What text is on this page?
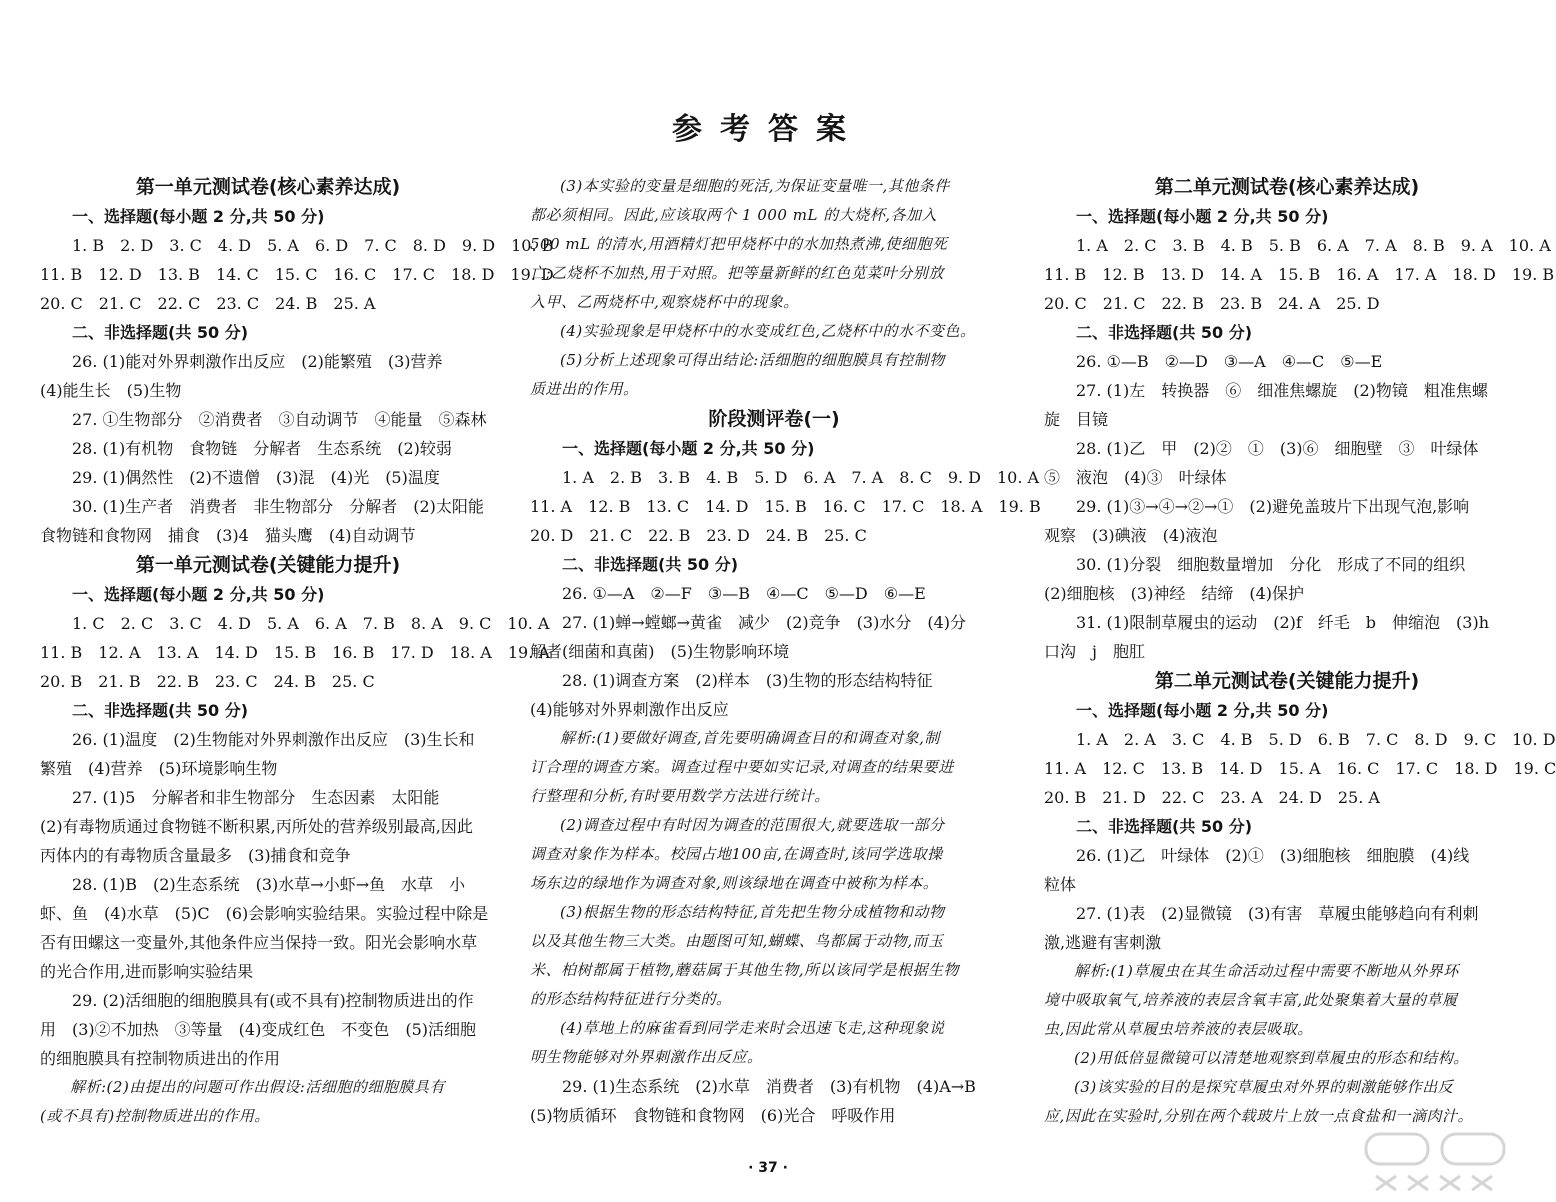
参考答案
第一单元测试卷(核心素养达成)
一、选择题(每小题 2 分,共 50 分)
1. B　2. D　3. C　4. D　5. A　6. D　7. C　8. D　9. D　10. B
11. B　12. D　13. B　14. C　15. C　16. C　17. C　18. D　19. D
20. C　21. C　22. C　23. C　24. B　25. A
二、非选择题(共 50 分)
26. (1)能对外界刺激作出反应　(2)能繁殖　(3)营养
(4)能生长　(5)生物
27. ①生物部分　②消费者　③自动调节　④能量　⑤森林
28. (1)有机物　食物链　分解者　生态系统　(2)较弱
29. (1)偶然性　(2)不遗僧　(3)混　(4)光　(5)温度
30. (1)生产者　消费者　非生物部分　分解者　(2)太阳能
食物链和食物网　捕食　(3)4　猫头鹰　(4)自动调节
第一单元测试卷(关键能力提升)
一、选择题(每小题 2 分,共 50 分)
1. C　2. C　3. C　4. D　5. A　6. A　7. B　8. A　9. C　10. A
11. B　12. A　13. A　14. D　15. B　16. B　17. D　18. A　19. A
20. B　21. B　22. B　23. C　24. B　25. C
二、非选择题(共 50 分)
26. (1)温度　(2)生物能对外界刺激作出反应　(3)生长和
繁殖　(4)营养　(5)环境影响生物
27. (1)5　分解者和非生物部分　生态因素　太阳能
(2)有毒物质通过食物链不断积累,丙所处的营养级别最高,因此
丙体内的有毒物质含量最多　(3)捕食和竞争
28. (1)B　(2)生态系统　(3)水草→小虾→鱼　水草　小
虾、鱼　(4)水草　(5)C　(6)会影响实验结果。实验过程中除是
否有田螺这一变量外,其他条件应当保持一致。阳光会影响水草
的光合作用,进而影响实验结果
29. (2)活细胞的细胞膜具有(或不具有)控制物质进出的作
用　(3)②不加热　③等量　(4)变成红色　不变色　(5)活细胞
的细胞膜具有控制物质进出的作用
解析:(2)由提出的问题可作出假设:活细胞的细胞膜具有
(或不具有)控制物质进出的作用。
(3)本实验的变量是细胞的死活,为保证变量唯一,其他条件
都必须相同。因此,应该取两个 1 000 mL 的大烧杯,各加入
500 mL 的清水,用酒精灯把甲烧杯中的水加热煮沸,使细胞死
亡;乙烧杯不加热,用于对照。把等量新鲜的红色苋菜叶分别放
入甲、乙两烧杯中,观察烧杯中的现象。
(4)实验现象是甲烧杯中的水变成红色,乙烧杯中的水不变色。
(5)分析上述现象可得出结论:活细胞的细胞膜具有控制物
质进出的作用。
阶段测评卷(一)
一、选择题(每小题 2 分,共 50 分)
1. A　2. B　3. B　4. B　5. D　6. A　7. A　8. C　9. D　10. A
11. A　12. B　13. C　14. D　15. B　16. C　17. C　18. A　19. B
20. D　21. C　22. B　23. D　24. B　25. C
二、非选择题(共 50 分)
26. ①—A　②—F　③—B　④—C　⑤—D　⑥—E
27. (1)蝉→螳螂→黄雀　减少　(2)竞争　(3)水分　(4)分
解者(细菌和真菌)　(5)生物影响环境
28. (1)调查方案　(2)样本　(3)生物的形态结构特征
(4)能够对外界刺激作出反应
解析:(1)要做好调查,首先要明确调查目的和调查对象,制
订合理的调查方案。调查过程中要如实记录,对调查的结果要进
行整理和分析,有时要用数学方法进行统计。
(2)调查过程中有时因为调查的范围很大,就要选取一部分
调查对象作为样本。校园占地100亩,在调查时,该同学选取操
场东边的绿地作为调查对象,则该绿地在调查中被称为样本。
(3)根据生物的形态结构特征,首先把生物分成植物和动物
以及其他生物三大类。由题图可知,蝴蝶、鸟都属于动物,而玉
米、柏树都属于植物,蘑菇属于其他生物,所以该同学是根据生物
的形态结构特征进行分类的。
(4)草地上的麻雀看到同学走来时会迅速飞走,这种现象说
明生物能够对外界刺激作出反应。
29. (1)生态系统　(2)水草　消费者　(3)有机物　(4)A→B
(5)物质循环　食物链和食物网　(6)光合　呼吸作用
第二单元测试卷(核心素养达成)
一、选择题(每小题 2 分,共 50 分)
1. A　2. C　3. B　4. B　5. B　6. A　7. A　8. B　9. A　10. A
11. B　12. B　13. D　14. A　15. B　16. A　17. A　18. D　19. B
20. C　21. C　22. B　23. B　24. A　25. D
二、非选择题(共 50 分)
26. ①—B　②—D　③—A　④—C　⑤—E
27. (1)左　转换器　⑥　细准焦螺旋　(2)物镜　粗准焦螺
旋　目镜
28. (1)乙　甲　(2)②　①　(3)⑥　细胞壁　③　叶绿体
⑤　液泡　(4)③　叶绿体
29. (1)③→④→②→①　(2)避免盖玻片下出现气泡,影响
观察　(3)碘液　(4)液泡
30. (1)分裂　细胞数量增加　分化　形成了不同的组织
(2)细胞核　(3)神经　结缔　(4)保护
31. (1)限制草履虫的运动　(2)f　纤毛　b　伸缩泡　(3)h
口沟　j　胞肛
第二单元测试卷(关键能力提升)
一、选择题(每小题 2 分,共 50 分)
1. A　2. A　3. C　4. B　5. D　6. B　7. C　8. D　9. C　10. D
11. A　12. C　13. B　14. D　15. A　16. C　17. C　18. D　19. C
20. B　21. D　22. C　23. A　24. D　25. A
二、非选择题(共 50 分)
26. (1)乙　叶绿体　(2)①　(3)细胞核　细胞膜　(4)线
粒体
27. (1)表　(2)显微镜　(3)有害　草履虫能够趋向有利刺
激,逃避有害刺激
解析:(1)草履虫在其生命活动过程中需要不断地从外界环
境中吸取氧气,培养液的表层含氧丰富,此处聚集着大量的草履
虫,因此常从草履虫培养液的表层吸取。
(2)用低倍显微镜可以清楚地观察到草履虫的形态和结构。
(3)该实验的目的是探究草履虫对外界的刺激能够作出反
应,因此在实验时,分别在两个载玻片上放一点食盐和一滴肉汁。
· 37 ·
